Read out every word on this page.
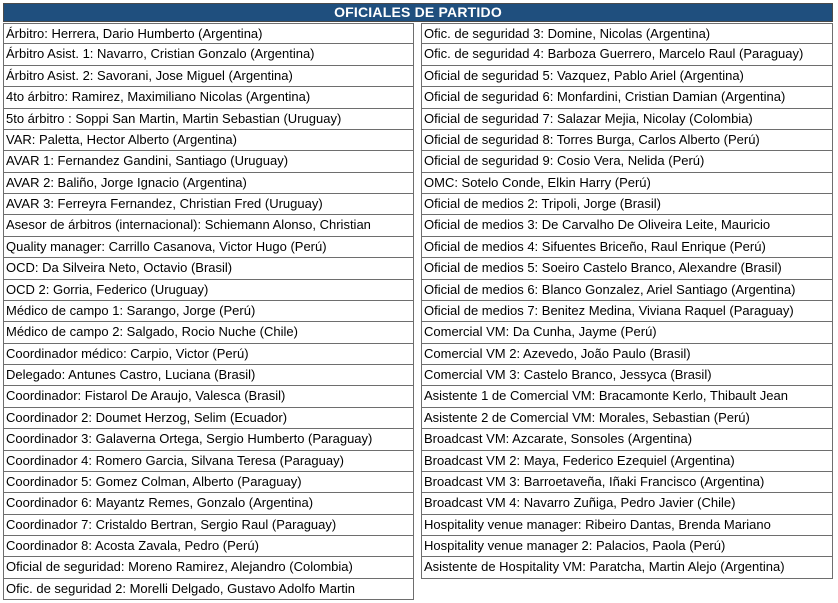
OFICIALES DE PARTIDO
Árbitro: Herrera, Dario Humberto (Argentina)
Árbitro Asist. 1: Navarro, Cristian Gonzalo (Argentina)
Árbitro Asist. 2: Savorani, Jose Miguel (Argentina)
4to árbitro: Ramirez, Maximiliano Nicolas (Argentina)
5to árbitro : Soppi San Martin, Martin Sebastian (Uruguay)
VAR: Paletta, Hector Alberto (Argentina)
AVAR 1: Fernandez Gandini, Santiago (Uruguay)
AVAR 2: Baliño, Jorge Ignacio (Argentina)
AVAR 3: Ferreyra Fernandez, Christian Fred (Uruguay)
Asesor de árbitros (internacional): Schiemann Alonso, Christian
Quality manager: Carrillo Casanova, Victor Hugo (Perú)
OCD: Da Silveira Neto, Octavio (Brasil)
OCD 2: Gorria, Federico (Uruguay)
Médico de campo 1: Sarango, Jorge (Perú)
Médico de campo 2: Salgado, Rocio Nuche (Chile)
Coordinador médico: Carpio, Victor (Perú)
Delegado: Antunes Castro, Luciana (Brasil)
Coordinador: Fistarol De Araujo, Valesca (Brasil)
Coordinador 2: Doumet Herzog, Selim (Ecuador)
Coordinador 3: Galaverna Ortega, Sergio Humberto (Paraguay)
Coordinador 4: Romero Garcia, Silvana Teresa (Paraguay)
Coordinador 5: Gomez Colman, Alberto (Paraguay)
Coordinador 6: Mayantz Remes, Gonzalo (Argentina)
Coordinador 7: Cristaldo Bertran, Sergio Raul (Paraguay)
Coordinador 8: Acosta Zavala, Pedro (Perú)
Oficial de seguridad: Moreno Ramirez, Alejandro (Colombia)
Ofic. de seguridad 2: Morelli Delgado, Gustavo Adolfo Martin
Ofic. de seguridad 3: Domine, Nicolas (Argentina)
Ofic. de seguridad 4: Barboza Guerrero, Marcelo Raul (Paraguay)
Oficial de seguridad 5: Vazquez, Pablo Ariel (Argentina)
Oficial de seguridad 6: Monfardini, Cristian Damian (Argentina)
Oficial de seguridad 7: Salazar Mejia, Nicolay (Colombia)
Oficial de seguridad 8: Torres Burga, Carlos Alberto (Perú)
Oficial de seguridad 9: Cosio Vera, Nelida (Perú)
OMC: Sotelo Conde, Elkin Harry (Perú)
Oficial de medios 2: Tripoli, Jorge (Brasil)
Oficial de medios 3: De Carvalho De Oliveira Leite, Mauricio
Oficial de medios 4: Sifuentes Briceño, Raul Enrique (Perú)
Oficial de medios 5: Soeiro Castelo Branco, Alexandre (Brasil)
Oficial de medios 6: Blanco Gonzalez, Ariel Santiago (Argentina)
Oficial de medios 7: Benitez Medina, Viviana Raquel (Paraguay)
Comercial VM: Da Cunha, Jayme (Perú)
Comercial VM 2: Azevedo, João Paulo (Brasil)
Comercial VM 3: Castelo Branco, Jessyca (Brasil)
Asistente 1 de Comercial VM: Bracamonte Kerlo, Thibault Jean
Asistente 2 de Comercial VM: Morales, Sebastian (Perú)
Broadcast VM: Azcarate, Sonsoles (Argentina)
Broadcast VM 2: Maya, Federico Ezequiel (Argentina)
Broadcast VM 3: Barroetaveña, Iñaki Francisco (Argentina)
Broadcast VM 4: Navarro Zuñiga, Pedro Javier (Chile)
Hospitality venue manager: Ribeiro Dantas, Brenda Mariano
Hospitality venue manager 2: Palacios, Paola (Perú)
Asistente de Hospitality VM: Paratcha, Martin Alejo (Argentina)
